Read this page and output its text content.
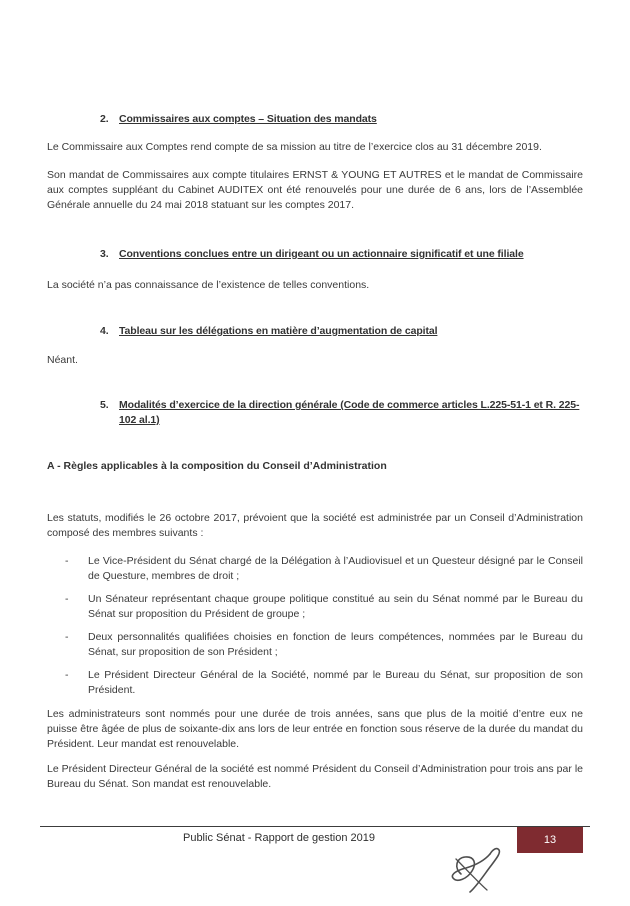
2. Commissaires aux comptes – Situation des mandats

Le Commissaire aux Comptes rend compte de sa mission au titre de l’exercice clos au 31 décembre 2019.

Son mandat de Commissaires aux compte titulaires ERNST & YOUNG ET AUTRES et le mandat de Commissaire aux comptes suppléant du Cabinet AUDITEX ont été renouvelés pour une durée de 6 ans, lors de l’Assemblée Générale annuelle du 24 mai 2018 statuant sur les comptes 2017.

3. Conventions conclues entre un dirigeant ou un actionnaire significatif et une filiale

La société n’a pas connaissance de l’existence de telles conventions.

4. Tableau sur les délégations en matière d’augmentation de capital

Néant.

5. Modalités d’exercice de la direction générale (Code de commerce articles L.225-51-1 et R. 225-102 al.1)
A - Règles applicables à la composition du Conseil d’Administration

Les statuts, modifiés le 26 octobre 2017, prévoient que la société est administrée par un Conseil d’Administration composé des membres suivants :

- Le Vice-Président du Sénat chargé de la Délégation à l’Audiovisuel et un Questeur désigné par le Conseil de Questure, membres de droit ;
- Un Sénateur représentant chaque groupe politique constitué au sein du Sénat nommé par le Bureau du Sénat sur proposition du Président de groupe ;
- Deux personnalités qualifiées choisies en fonction de leurs compétences, nommées par le Bureau du Sénat, sur proposition de son Président ;
- Le Président Directeur Général de la Société, nommé par le Bureau du Sénat, sur proposition de son Président.

Les administrateurs sont nommés pour une durée de trois années, sans que plus de la moitié d’entre eux ne puisse être âgée de plus de soixante-dix ans lors de leur entrée en fonction sous réserve de la durée du mandat du Président. Leur mandat est renouvelable.

Le Président Directeur Général de la société est nommé Président du Conseil d’Administration pour trois ans par le Bureau du Sénat. Son mandat est renouvelable.

Public Sénat - Rapport de gestion 2019	13
